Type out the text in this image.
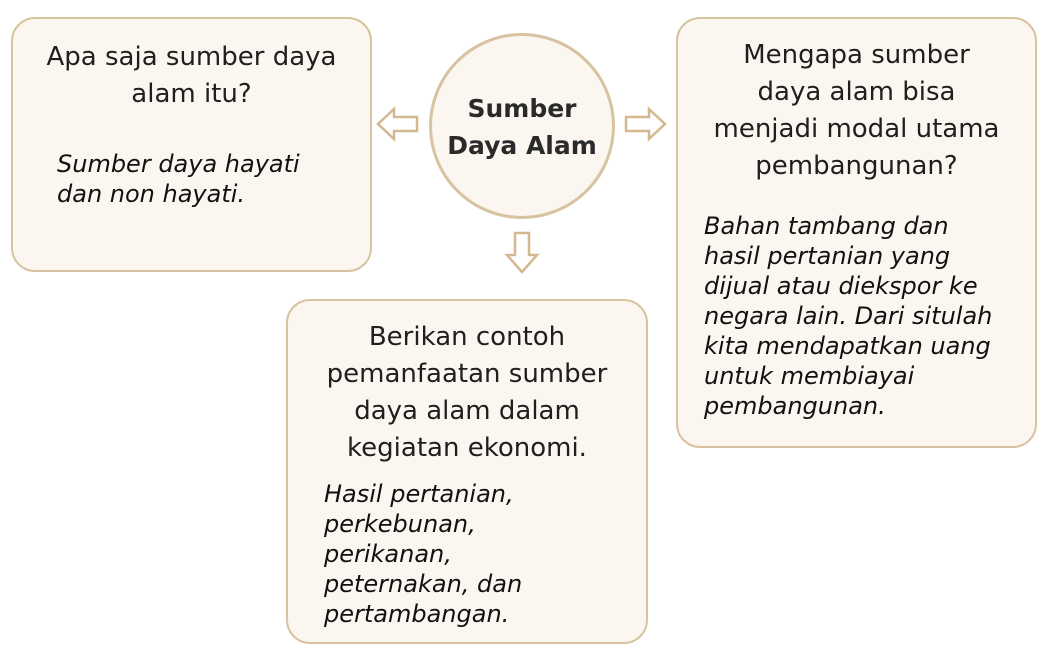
Apa saja sumber daya
alam itu?
Sumber daya hayati
dan non hayati.
Sumber
Daya Alam
Mengapa sumber
daya alam bisa
menjadi modal utama
pembangunan?
Bahan tambang dan
hasil pertanian yang
dijual atau diekspor ke
negara lain. Dari situlah
kita mendapatkan uang
untuk membiayai
pembangunan.
Berikan contoh
pemanfaatan sumber
daya alam dalam
kegiatan ekonomi.
Hasil pertanian,
perkebunan,
perikanan,
peternakan, dan
pertambangan.
